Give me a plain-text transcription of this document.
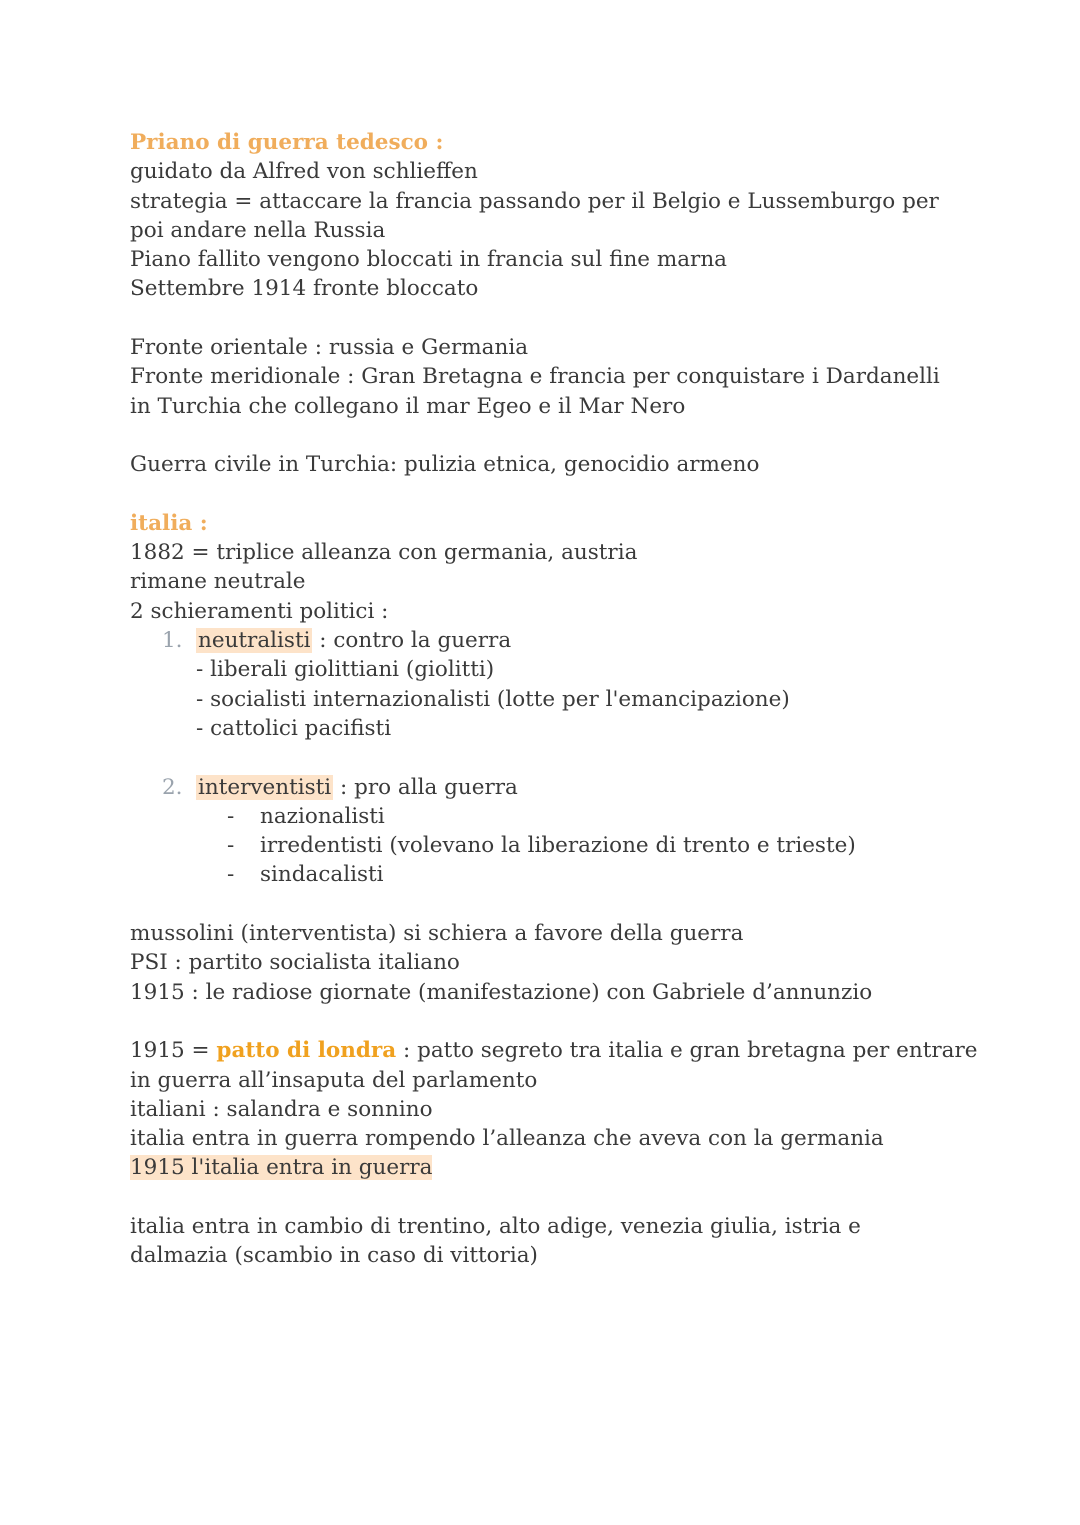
Priano di guerra tedesco :
guidato da Alfred von schlieffen
strategia = attaccare la francia passando per il Belgio e Lussemburgo per
poi andare nella Russia
Piano fallito vengono bloccati in francia sul fine marna
Settembre 1914 fronte bloccato
Fronte orientale : russia e Germania
Fronte meridionale : Gran Bretagna e francia per conquistare i Dardanelli
in Turchia che collegano il mar Egeo e il Mar Nero
Guerra civile in Turchia: pulizia etnica, genocidio armeno
italia :
1882 = triplice alleanza con germania, austria
rimane neutrale
2 schieramenti politici :
1. neutralisti : contro la guerra
- liberali giolittiani (giolitti)
- socialisti internazionalisti (lotte per l'emancipazione)
- cattolici pacifisti
2. interventisti : pro alla guerra
- nazionalisti
- irredentisti (volevano la liberazione di trento e trieste)
- sindacalisti
mussolini (interventista) si schiera a favore della guerra
PSI : partito socialista italiano
1915 : le radiose giornate (manifestazione) con Gabriele d’annunzio
1915 = patto di londra : patto segreto tra italia e gran bretagna per entrare
in guerra all’insaputa del parlamento
italiani : salandra e sonnino
italia entra in guerra rompendo l’alleanza che aveva con la germania
1915 l'italia entra in guerra
italia entra in cambio di trentino, alto adige, venezia giulia, istria e
dalmazia (scambio in caso di vittoria)
